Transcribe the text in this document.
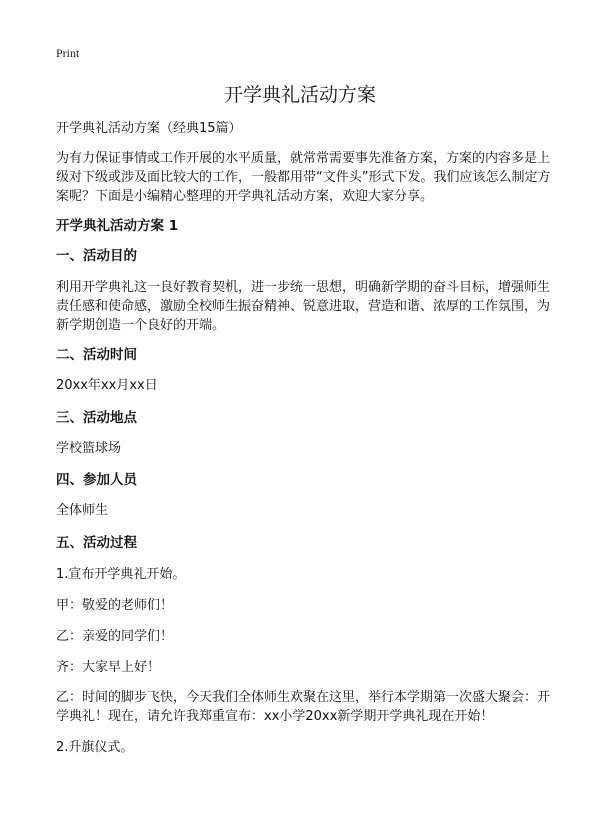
Print
开学典礼活动方案
开学典礼活动方案（经典15篇）
为有力保证事情或工作开展的水平质量，就常常需要事先准备方案，方案的内容多是上级对下级或涉及面比较大的工作，一般都用带“文件头”形式下发。我们应该怎么制定方案呢？下面是小编精心整理的开学典礼活动方案，欢迎大家分享。
开学典礼活动方案 1
一、活动目的
利用开学典礼这一良好教育契机，进一步统一思想，明确新学期的奋斗目标，增强师生责任感和使命感，激励全校师生振奋精神、锐意进取，营造和谐、浓厚的工作氛围，为新学期创造一个良好的开端。
二、活动时间
20xx年xx月xx日
三、活动地点
学校篮球场
四、参加人员
全体师生
五、活动过程
1.宣布开学典礼开始。
甲：敬爱的老师们！
乙：亲爱的同学们！
齐：大家早上好！
乙：时间的脚步飞快，今天我们全体师生欢聚在这里，举行本学期第一次盛大聚会：开学典礼！现在，请允许我郑重宣布：xx小学20xx新学期开学典礼现在开始！
2.升旗仪式。
